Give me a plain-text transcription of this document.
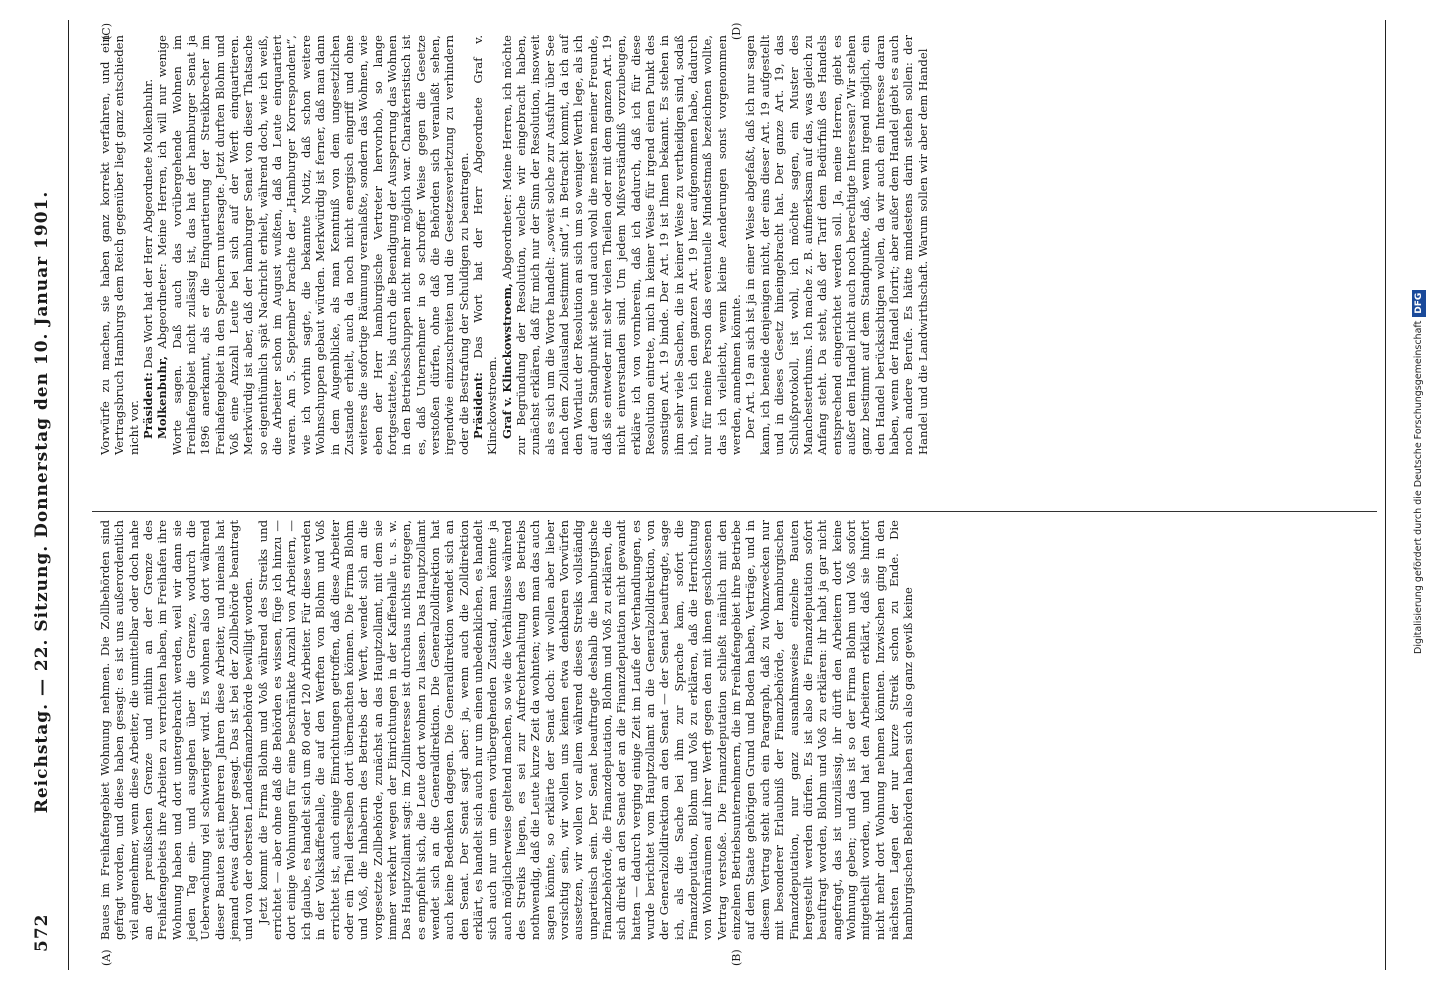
572
Reichstag. — 22. Sitzung. Donnerstag den 10. Januar 1901.
(A)	(B)
(C)	(D)

Baues im Freihafengebiet Wohnung nehmen. Die Zollbehörden sind gefragt worden, und diese haben gesagt: es ist uns außerordentlich viel angenehmer, wenn diese Arbeiter, die unmittelbar oder doch nahe an der preußischen Grenze und mithin an der Grenze des Freihafengebiets ihre Arbeiten zu verrichten haben, im Freihafen ihre Wohnung haben und dort untergebracht werden, weil wir dann sie jeden Tag ein- und ausgehen über die Grenze, wodurch die Ueberwachung viel schwieriger wird. Es wohnen also dort während dieser Bauten seit mehreren Jahren diese Arbeiter, und niemals hat jemand etwas darüber gesagt. Das ist bei der Zollbehörde beantragt und von der obersten Landesfinanzbehörde bewilligt worden. Jetzt kommt die Firma Blohm und Voß während des Streiks und errichtet — aber ohne daß die Behörden es wissen, füge ich hinzu — dort einige Wohnungen für eine beschränkte Anzahl von Arbeitern, — ich glaube, es handelt sich um 80 oder 120 Arbeiter. Für diese werden in der Volkskaffeehalle, die auf den Werften von Blohm und Voß errichtet ist, auch einige Einrichtungen getroffen, daß diese Arbeiter oder ein Theil derselben dort übernachten können. Die Firma Blohm und Voß, die Inhaberin des Betriebs der Werft, wendet sich an die vorgesetzte Zollbehörde, zunächst an das Hauptzollamt, mit dem sie immer verkehrt wegen der Einrichtungen in der Kaffeehalle u. s. w. Das Hauptzollamt sagt: im Zollinteresse ist durchaus nichts entgegen, es empfiehlt sich, die Leute dort wohnen zu lassen. Das Hauptzollamt wendet sich an die Generaldirektion. Die Generalzolldirektion hat auch keine Bedenken dagegen. Die Generaldirektion wendet sich an den Senat. Der Senat sagt aber: ja, wenn auch die Zolldirektion erklärt, es handelt sich auch nur um einen unbedenklichen, es handelt sich auch nur um einen vorübergehenden Zustand, man könnte ja auch möglicherweise geltend machen, so wie die Verhältnisse während des Streiks liegen, es sei zur Aufrechterhaltung des Betriebs nothwendig, daß die Leute kurze Zeit da wohnten; wenn man das auch sagen könnte, so erklärte der Senat doch: wir wollen aber lieber vorsichtig sein, wir wollen uns keinen etwa denkbaren Vorwürfen aussetzen, wir wollen vor allem während dieses Streiks vollständig unparteiisch sein. Der Senat beauftragte deshalb die hamburgische Finanzbehörde, die Finanzdeputation, Blohm und Voß zu erklären, die sich direkt an den Senat oder an die Finanzdeputation nicht gewandt hatten — dadurch verging einige Zeit im Laufe der Verhandlungen, es wurde berichtet vom Hauptzollamt an die Generalzolldirektion, von der Generalzolldirektion an den Senat — der Senat beauftragte, sage ich, als die Sache bei ihm zur Sprache kam, sofort die Finanzdeputation, Blohm und Voß zu erklären, daß die Herrichtung von Wohnräumen auf ihrer Werft gegen den mit ihnen geschlossenen Vertrag verstoße. Die Finanzdeputation schließt nämlich mit den einzelnen Betriebsunternehmern, die im Freihafengebiet ihre Betriebe auf dem Staate gehörigen Grund und Boden haben, Verträge, und in diesem Vertrag steht auch ein Paragraph, daß zu Wohnzwecken nur mit besonderer Erlaubniß der Finanzbehörde, der hamburgischen Finanzdeputation, nur ganz ausnahmsweise einzelne Bauten hergestellt werden dürfen. Es ist also die Finanzdeputation sofort beauftragt worden, Blohm und Voß zu erklären: ihr habt ja gar nicht angefragt, das ist unzulässig, ihr dürft den Arbeitern dort keine Wohnung geben; und das ist so der Firma Blohm und Voß sofort mitgetheilt worden, und hat den Arbeitern erklärt, daß sie hinfort nicht mehr dort Wohnung nehmen könnten. Inzwischen ging in den nächsten Lagen der nur kurze Streik schon zu Ende. Die hamburgischen Behörden haben sich also ganz gewiß keine

Vorwürfe zu machen, sie haben ganz korrekt verfahren, und ein Vertragsbruch Hamburgs dem Reich gegenüber liegt ganz entschieden nicht vor. Präsident: Das Wort hat der Herr Abgeordnete Molkenbuhr.

Molkenbuhr, Abgeordneter: Meine Herren, ich will nur wenige Worte sagen. Daß auch das vorübergehende Wohnen im Freihafengebiet nicht zulässig ist, das hat der hamburger Senat ja 1896 anerkannt, als er die Einquartierung der Streikbrecher im Freihafengebiet in den Speichern untersagte. Jetzt durften Blohm und Voß eine Anzahl Leute bei sich auf der Werft einquartieren. Merkwürdig ist aber, daß der hamburger Senat von dieser Thatsache so eigenthümlich spät Nachricht erhielt, während doch, wie ich weiß, die Arbeiter schon im August wußten, daß da Leute einquartiert waren. Am 5. September brachte der „Hamburger Korrespondent“, wie ich vorhin sagte, die bekannte Notiz, daß schon weitere Wohnschuppen gebaut würden. Merkwürdig ist ferner, daß man dann in dem Augenblicke, als man Kenntniß von dem ungesetzlichen Zustande erhielt, auch da noch nicht energisch eingriff und ohne weiteres die sofortige Räumung veranlaßte, sondern das Wohnen, wie eben der Herr hamburgische Vertreter hervorhob, so lange fortgestattete, bis durch die Beendigung der Aussperrung das Wohnen in den Betriebsschuppen nicht mehr möglich war. Charakteristisch ist es, daß Unternehmer in so schroffer Weise gegen die Gesetze verstoßen dürfen, ohne daß die Behörden sich veranlaßt sehen, irgendwie einzuschreiten und die Gesetzesverletzung zu verhindern oder die Bestrafung der Schuldigen zu beantragen. Präsident: Das Wort hat der Herr Abgeordnete Graf v. Klinckowstroem. Graf v. Klinckowstroem, Abgeordneter: Meine Herren, ich möchte zur Begründung der Resolution, welche wir eingebracht haben, zunächst erklären, daß für mich nur der Sinn der Resolution, insoweit als es sich um die Worte handelt: „soweit solche zur Ausfuhr über See nach dem Zollausland bestimmt sind“, in Betracht kommt, da ich auf den Wortlaut der Resolution an sich um so weniger Werth lege, als ich auf dem Standpunkt stehe und auch wohl die meisten meiner Freunde, daß sie entweder mit sehr vielen Theilen oder mit dem ganzen Art. 19 nicht einverstanden sind. Um jedem Mißverständniß vorzubeugen, erkläre ich von vornherein, daß ich dadurch, daß ich für diese Resolution eintrete, mich in keiner Weise für irgend einen Punkt des sonstigen Art. 19 binde. Der Art. 19 ist Ihnen bekannt. Es stehen in ihm sehr viele Sachen, die in keiner Weise zu vertheidigen sind, sodaß ich, wenn ich den ganzen Art. 19 hier aufgenommen habe, dadurch nur für meine Person das eventuelle Mindestmaß bezeichnen wollte, das ich vielleicht, wenn kleine Aenderungen sonst vorgenommen werden, annehmen könnte. Der Art. 19 an sich ist ja in einer Weise abgefaßt, daß ich nur sagen kann, ich beneide denjenigen nicht, der eins dieser Art. 19 aufgestellt und in dieses Gesetz hineingebracht hat. Der ganze Art. 19, das Schlußprotokoll, ist wohl, ich möchte sagen, ein Muster des Manchesterthums. Ich mache z. B. aufmerksam auf das, was gleich zu Anfang steht. Da steht, daß der Tarif dem Bedürfniß des Handels entsprechend eingerichtet werden soll. Ja, meine Herren, giebt es außer dem Handel nicht auch noch berechtigte Interessen? Wir stehen ganz bestimmt auf dem Standpunkte, daß, wenn irgend möglich, ein den Handel berücksichtigen wollen, da wir auch ein Interesse daran haben, wenn der Handel florirt; aber außer dem Handel giebt es auch noch andere Berufe. Es hätte mindestens darin stehen sollen: der Handel und die Landwirthschaft. Warum sollen wir aber dem Handel

Digitalisierung gefördert durch die Deutsche ForschungsgemeinschaftDFG
